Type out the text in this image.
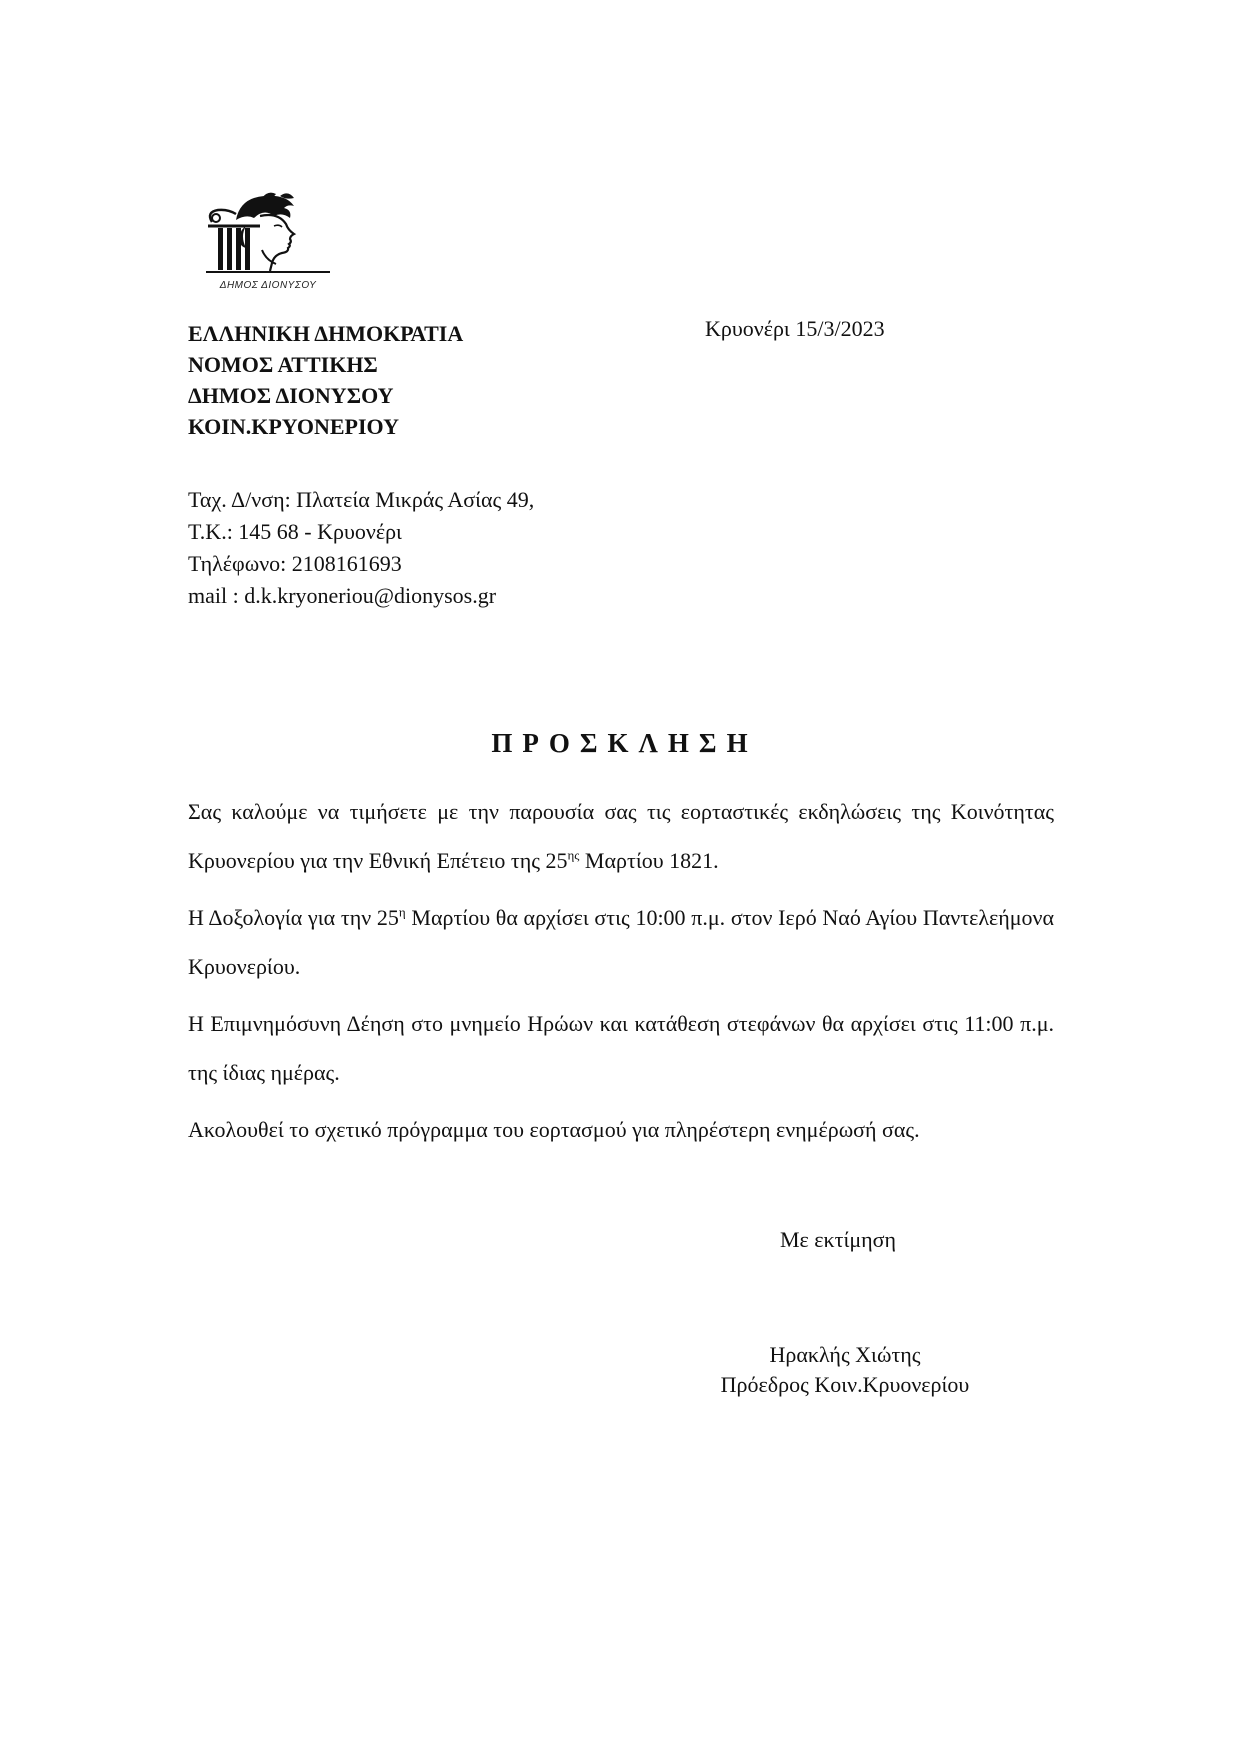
ΔΗΜΟΣ ΔΙΟΝΥΣΟΥ
ΕΛΛΗΝΙΚΗ ΔΗΜΟΚΡΑΤΙΑ
ΝΟΜΟΣ ΑΤΤΙΚΗΣ
ΔΗΜΟΣ ΔΙΟΝΥΣΟΥ
ΚΟΙΝ.ΚΡΥΟΝΕΡΙΟΥ
Κρυονέρι 15/3/2023
Ταχ. Δ/νση: Πλατεία Μικράς Ασίας 49,
Τ.Κ.: 145 68 - Κρυονέρι
Τηλέφωνο: 2108161693
mail : d.k.kryoneriou@dionysos.gr
ΠΡΟΣΚΛΗΣΗ

Σας καλούμε να τιμήσετε με την παρουσία σας τις εορταστικές εκδηλώσεις της Κοινότητας Κρυονερίου για την Εθνική Επέτειο της $25^{\eta\varsigma}$ Μαρτίου 1821.

Η Δοξολογία για την $25^\eta$ Μαρτίου θα αρχίσει στις 10:00 π.μ. στον Ιερό Ναό Αγίου Παντελεήμονα Κρυονερίου.

Η Επιμνημόσυνη Δέηση στο μνημείο Ηρώων και κατάθεση στεφάνων θα αρχίσει στις 11:00 π.μ. της ίδιας ημέρας.

Ακολουθεί το σχετικό πρόγραμμα του εορτασμού για πληρέστερη ενημέρωσή σας.

Με εκτίμηση
Ηρακλής Χιώτης
Πρόεδρος Κοιν.Κρυονερίου
